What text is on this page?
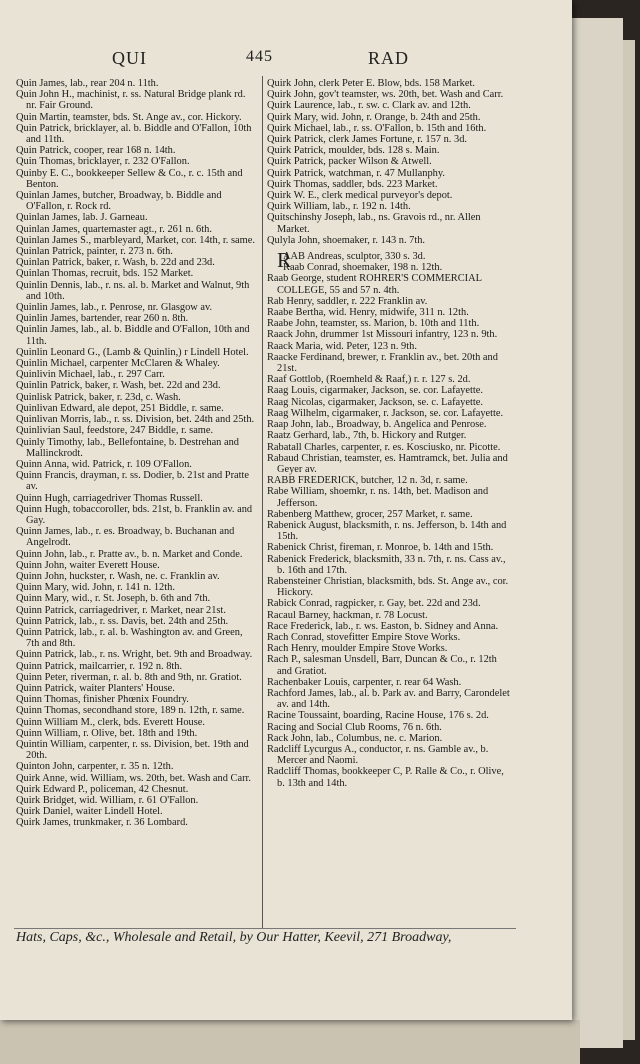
QUI	445	RAD
Quin James, lab., rear 204 n. 11th.
Quin John H., machinist, r. ss. Natural Bridge plank rd. nr. Fair Ground.
Quin Martin, teamster, bds. St. Ange av., cor. Hickory.
Quin Patrick, bricklayer, al. b. Biddle and O'Fallon, 10th and 11th.
Quin Patrick, cooper, rear 168 n. 14th.
Quin Thomas, bricklayer, r. 232 O'Fallon.
Quinby E. C., bookkeeper Sellew & Co., r. c. 15th and Benton.
Quinlan James, butcher, Broadway, b. Biddle and O'Fallon, r. Rock rd.
Quinlan James, lab. J. Garneau.
Quinlan James, quartemaster agt., r. 261 n. 6th.
Quinlan James S., marbleyard, Market, cor. 14th, r. same.
Quinlan Patrick, painter, r. 273 n. 6th.
Quinlan Patrick, baker, r. Wash, b. 22d and 23d.
Quinlan Thomas, recruit, bds. 152 Market.
Quinlin Dennis, lab., r. ns. al. b. Market and Walnut, 9th and 10th.
Quinlin James, lab., r. Penrose, nr. Glasgow av.
Quinlin James, bartender, rear 260 n. 8th.
Quinlin James, lab., al. b. Biddle and O'Fallon, 10th and 11th.
Quinlin Leonard G., (Lamb & Quinlin,) r Lindell Hotel.
Quinlin Michael, carpenter McClaren & Whaley.
Quinlivin Michael, lab., r. 297 Carr.
Quinlin Patrick, baker, r. Wash, bet. 22d and 23d.
Quinlisk Patrick, baker, r. 23d, c. Wash.
Quinlivan Edward, ale depot, 251 Biddle, r. same.
Quinlivan Morris, lab., r. ss. Division, bet. 24th and 25th.
Quinlivian Saul, feedstore, 247 Biddle, r. same.
Quinly Timothy, lab., Bellefontaine, b. Destrehan and Mallinckrodt.
Quinn Anna, wid. Patrick, r. 109 O'Fallon.
Quinn Francis, drayman, r. ss. Dodier, b. 21st and Pratte av.
Quinn Hugh, carriagedriver Thomas Russell.
Quinn Hugh, tobaccoroller, bds. 21st, b. Franklin av. and Gay.
Quinn James, lab., r. es. Broadway, b. Buchanan and Angelrodt.
Quinn John, lab., r. Pratte av., b. n. Market and Conde.
Quinn John, waiter Everett House.
Quinn John, huckster, r. Wash, ne. c. Franklin av.
Quinn Mary, wid. John, r. 141 n. 12th.
Quinn Mary, wid., r. St. Joseph, b. 6th and 7th.
Quinn Patrick, carriagedriver, r. Market, near 21st.
Quinn Patrick, lab., r. ss. Davis, bet. 24th and 25th.
Quinn Patrick, lab., r. al. b. Washington av. and Green, 7th and 8th.
Quinn Patrick, lab., r. ns. Wright, bet. 9th and Broadway.
Quinn Patrick, mailcarrier, r. 192 n. 8th.
Quinn Peter, riverman, r. al. b. 8th and 9th, nr. Gratiot.
Quinn Patrick, waiter Planters' House.
Quinn Thomas, finisher Phœnix Foundry.
Quinn Thomas, secondhand store, 189 n. 12th, r. same.
Quinn William M., clerk, bds. Everett House.
Quinn William, r. Olive, bet. 18th and 19th.
Quintin William, carpenter, r. ss. Division, bet. 19th and 20th.
Quinton John, carpenter, r. 35 n. 12th.
Quirk Anne, wid. William, ws. 20th, bet. Wash and Carr.
Quirk Edward P., policeman, 42 Chesnut.
Quirk Bridget, wid. William, r. 61 O'Fallon.
Quirk Daniel, waiter Lindell Hotel.
Quirk James, trunkmaker, r. 36 Lombard.
Quirk John, clerk Peter E. Blow, bds. 158 Market.
Quirk John, gov't teamster, ws. 20th, bet. Wash and Carr.
Quirk Laurence, lab., r. sw. c. Clark av. and 12th.
Quirk Mary, wid. John, r. Orange, b. 24th and 25th.
Quirk Michael, lab., r. ss. O'Fallon, b. 15th and 16th.
Quirk Patrick, clerk James Fortune, r. 157 n. 3d.
Quirk Patrick, moulder, bds. 128 s. Main.
Quirk Patrick, packer Wilson & Atwell.
Quirk Patrick, watchman, r. 47 Mullanphy.
Quirk Thomas, saddler, bds. 223 Market.
Quirk W. E., clerk medical purveyor's depot.
Quirk William, lab., r. 192 n. 14th.
Quitschinshy Joseph, lab., ns. Gravois rd., nr. Allen Market.
Qulyla John, shoemaker, r. 143 n. 7th.
R
AAB Andreas, sculptor, 330 s. 3d.
Raab Conrad, shoemaker, 198 n. 12th.
Raab George, student ROHRER'S COMMERCIAL COLLEGE, 55 and 57 n. 4th.
Rab Henry, saddler, r. 222 Franklin av.
Raabe Bertha, wid. Henry, midwife, 311 n. 12th.
Raabe John, teamster, ss. Marion, b. 10th and 11th.
Raack John, drummer 1st Missouri infantry, 123 n. 9th.
Raack Maria, wid. Peter, 123 n. 9th.
Raacke Ferdinand, brewer, r. Franklin av., bet. 20th and 21st.
Raaf Gottlob, (Roemheld & Raaf,) r. r. 127 s. 2d.
Raag Louis, cigarmaker, Jackson, se. cor. Lafayette.
Raag Nicolas, cigarmaker, Jackson, se. c. Lafayette.
Raag Wilhelm, cigarmaker, r. Jackson, se. cor. Lafayette.
Raap John, lab., Broadway, b. Angelica and Penrose.
Raatz Gerhard, lab., 7th, b. Hickory and Rutger.
Rabatall Charles, carpenter, r. es. Kosciusko, nr. Picotte.
Rabaud Christian, teamster, es. Hamtramck, bet. Julia and Geyer av.
RABB FREDERICK, butcher, 12 n. 3d, r. same.
Rabe William, shoemkr, r. ns. 14th, bet. Madison and Jefferson.
Rabenberg Matthew, grocer, 257 Market, r. same.
Rabenick August, blacksmith, r. ns. Jefferson, b. 14th and 15th.
Rabenick Christ, fireman, r. Monroe, b. 14th and 15th.
Rabenick Frederick, blacksmith, 33 n. 7th, r. ns. Cass av., b. 16th and 17th.
Rabensteiner Christian, blacksmith, bds. St. Ange av., cor. Hickory.
Rabick Conrad, ragpicker, r. Gay, bet. 22d and 23d.
Racaul Barney, hackman, r. 78 Locust.
Race Frederick, lab., r. ws. Easton, b. Sidney and Anna.
Rach Conrad, stovefitter Empire Stove Works.
Rach Henry, moulder Empire Stove Works.
Rach P., salesman Unsdell, Barr, Duncan & Co., r. 12th and Gratiot.
Rachenbaker Louis, carpenter, r. rear 64 Wash.
Rachford James, lab., al. b. Park av. and Barry, Carondelet av. and 14th.
Racine Toussaint, boarding, Racine House, 176 s. 2d.
Racing and Social Club Rooms, 76 n. 6th.
Rack John, lab., Columbus, ne. c. Marion.
Radcliff Lycurgus A., conductor, r. ns. Gamble av., b. Mercer and Naomi.
Radcliff Thomas, bookkeeper C, P. Ralle & Co., r. Olive, b. 13th and 14th.
Hats, Caps, &c., Wholesale and Retail, by Our Hatter, Keevil, 271 Broadway,
